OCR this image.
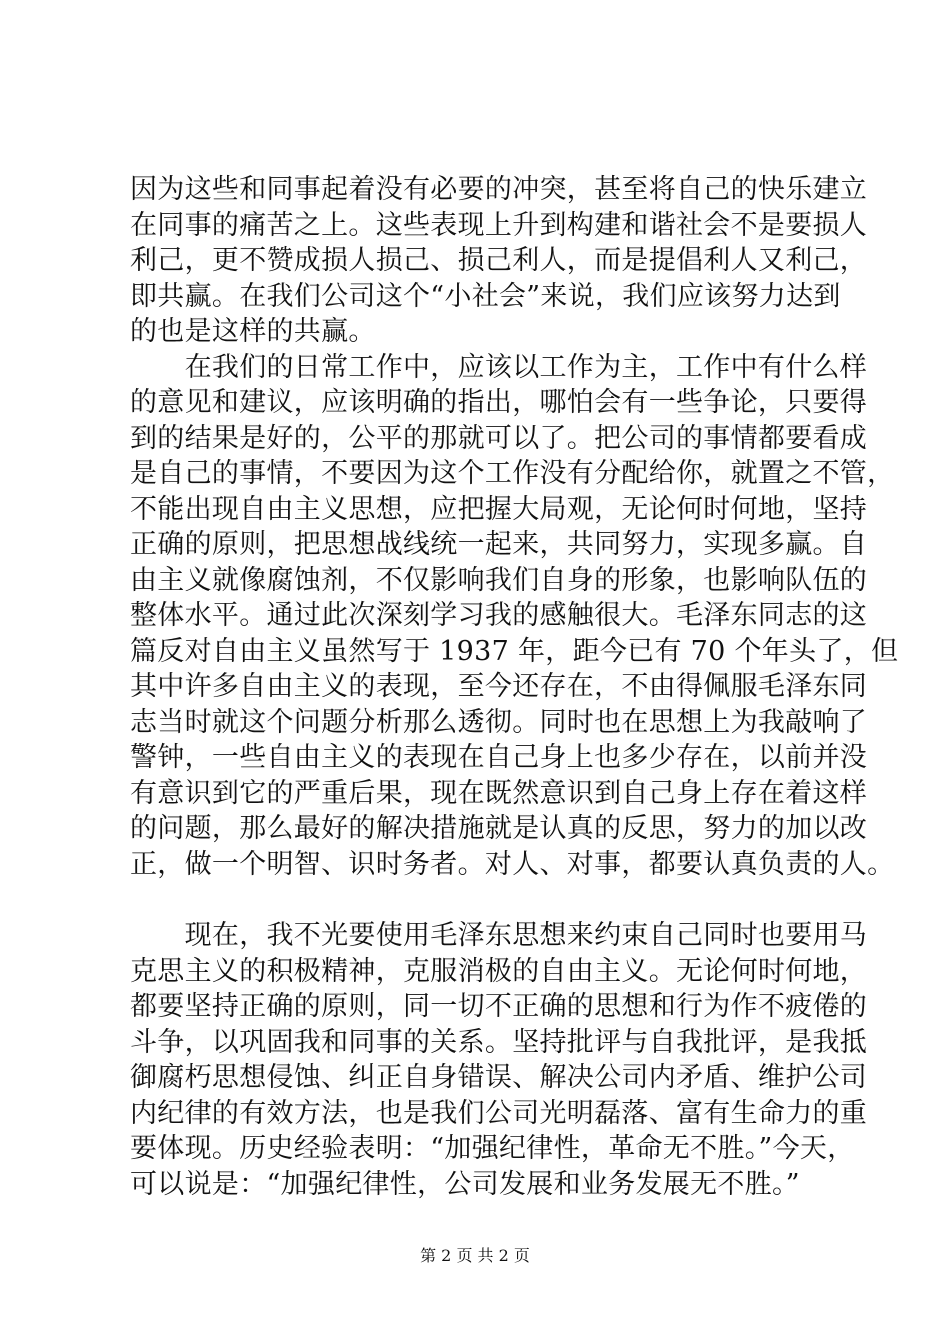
因为这些和同事起着没有必要的冲突，甚至将自己的快乐建立
在同事的痛苦之上。这些表现上升到构建和谐社会不是要损人
利己，更不赞成损人损己、损己利人，而是提倡利人又利己，
即共赢。在我们公司这个“小社会”来说，我们应该努力达到
的也是这样的共赢。
　　在我们的日常工作中，应该以工作为主，工作中有什么样
的意见和建议，应该明确的指出，哪怕会有一些争论，只要得
到的结果是好的，公平的那就可以了。把公司的事情都要看成
是自己的事情，不要因为这个工作没有分配给你，就置之不管，
不能出现自由主义思想，应把握大局观，无论何时何地，坚持
正确的原则，把思想战线统一起来，共同努力，实现多赢。自
由主义就像腐蚀剂，不仅影响我们自身的形象，也影响队伍的
整体水平。通过此次深刻学习我的感触很大。毛泽东同志的这
篇反对自由主义虽然写于 1937 年，距今已有 70 个年头了，但
其中许多自由主义的表现，至今还存在，不由得佩服毛泽东同
志当时就这个问题分析那么透彻。同时也在思想上为我敲响了
警钟，一些自由主义的表现在自己身上也多少存在，以前并没
有意识到它的严重后果，现在既然意识到自己身上存在着这样
的问题，那么最好的解决措施就是认真的反思，努力的加以改
正，做一个明智、识时务者。对人、对事，都要认真负责的人。
　　现在，我不光要使用毛泽东思想来约束自己同时也要用马
克思主义的积极精神，克服消极的自由主义。无论何时何地，
都要坚持正确的原则，同一切不正确的思想和行为作不疲倦的
斗争，以巩固我和同事的关系。坚持批评与自我批评，是我抵
御腐朽思想侵蚀、纠正自身错误、解决公司内矛盾、维护公司
内纪律的有效方法，也是我们公司光明磊落、富有生命力的重
要体现。历史经验表明：“加强纪律性，革命无不胜。”今天，
可以说是：“加强纪律性，公司发展和业务发展无不胜。”
第 2 页 共 2 页
